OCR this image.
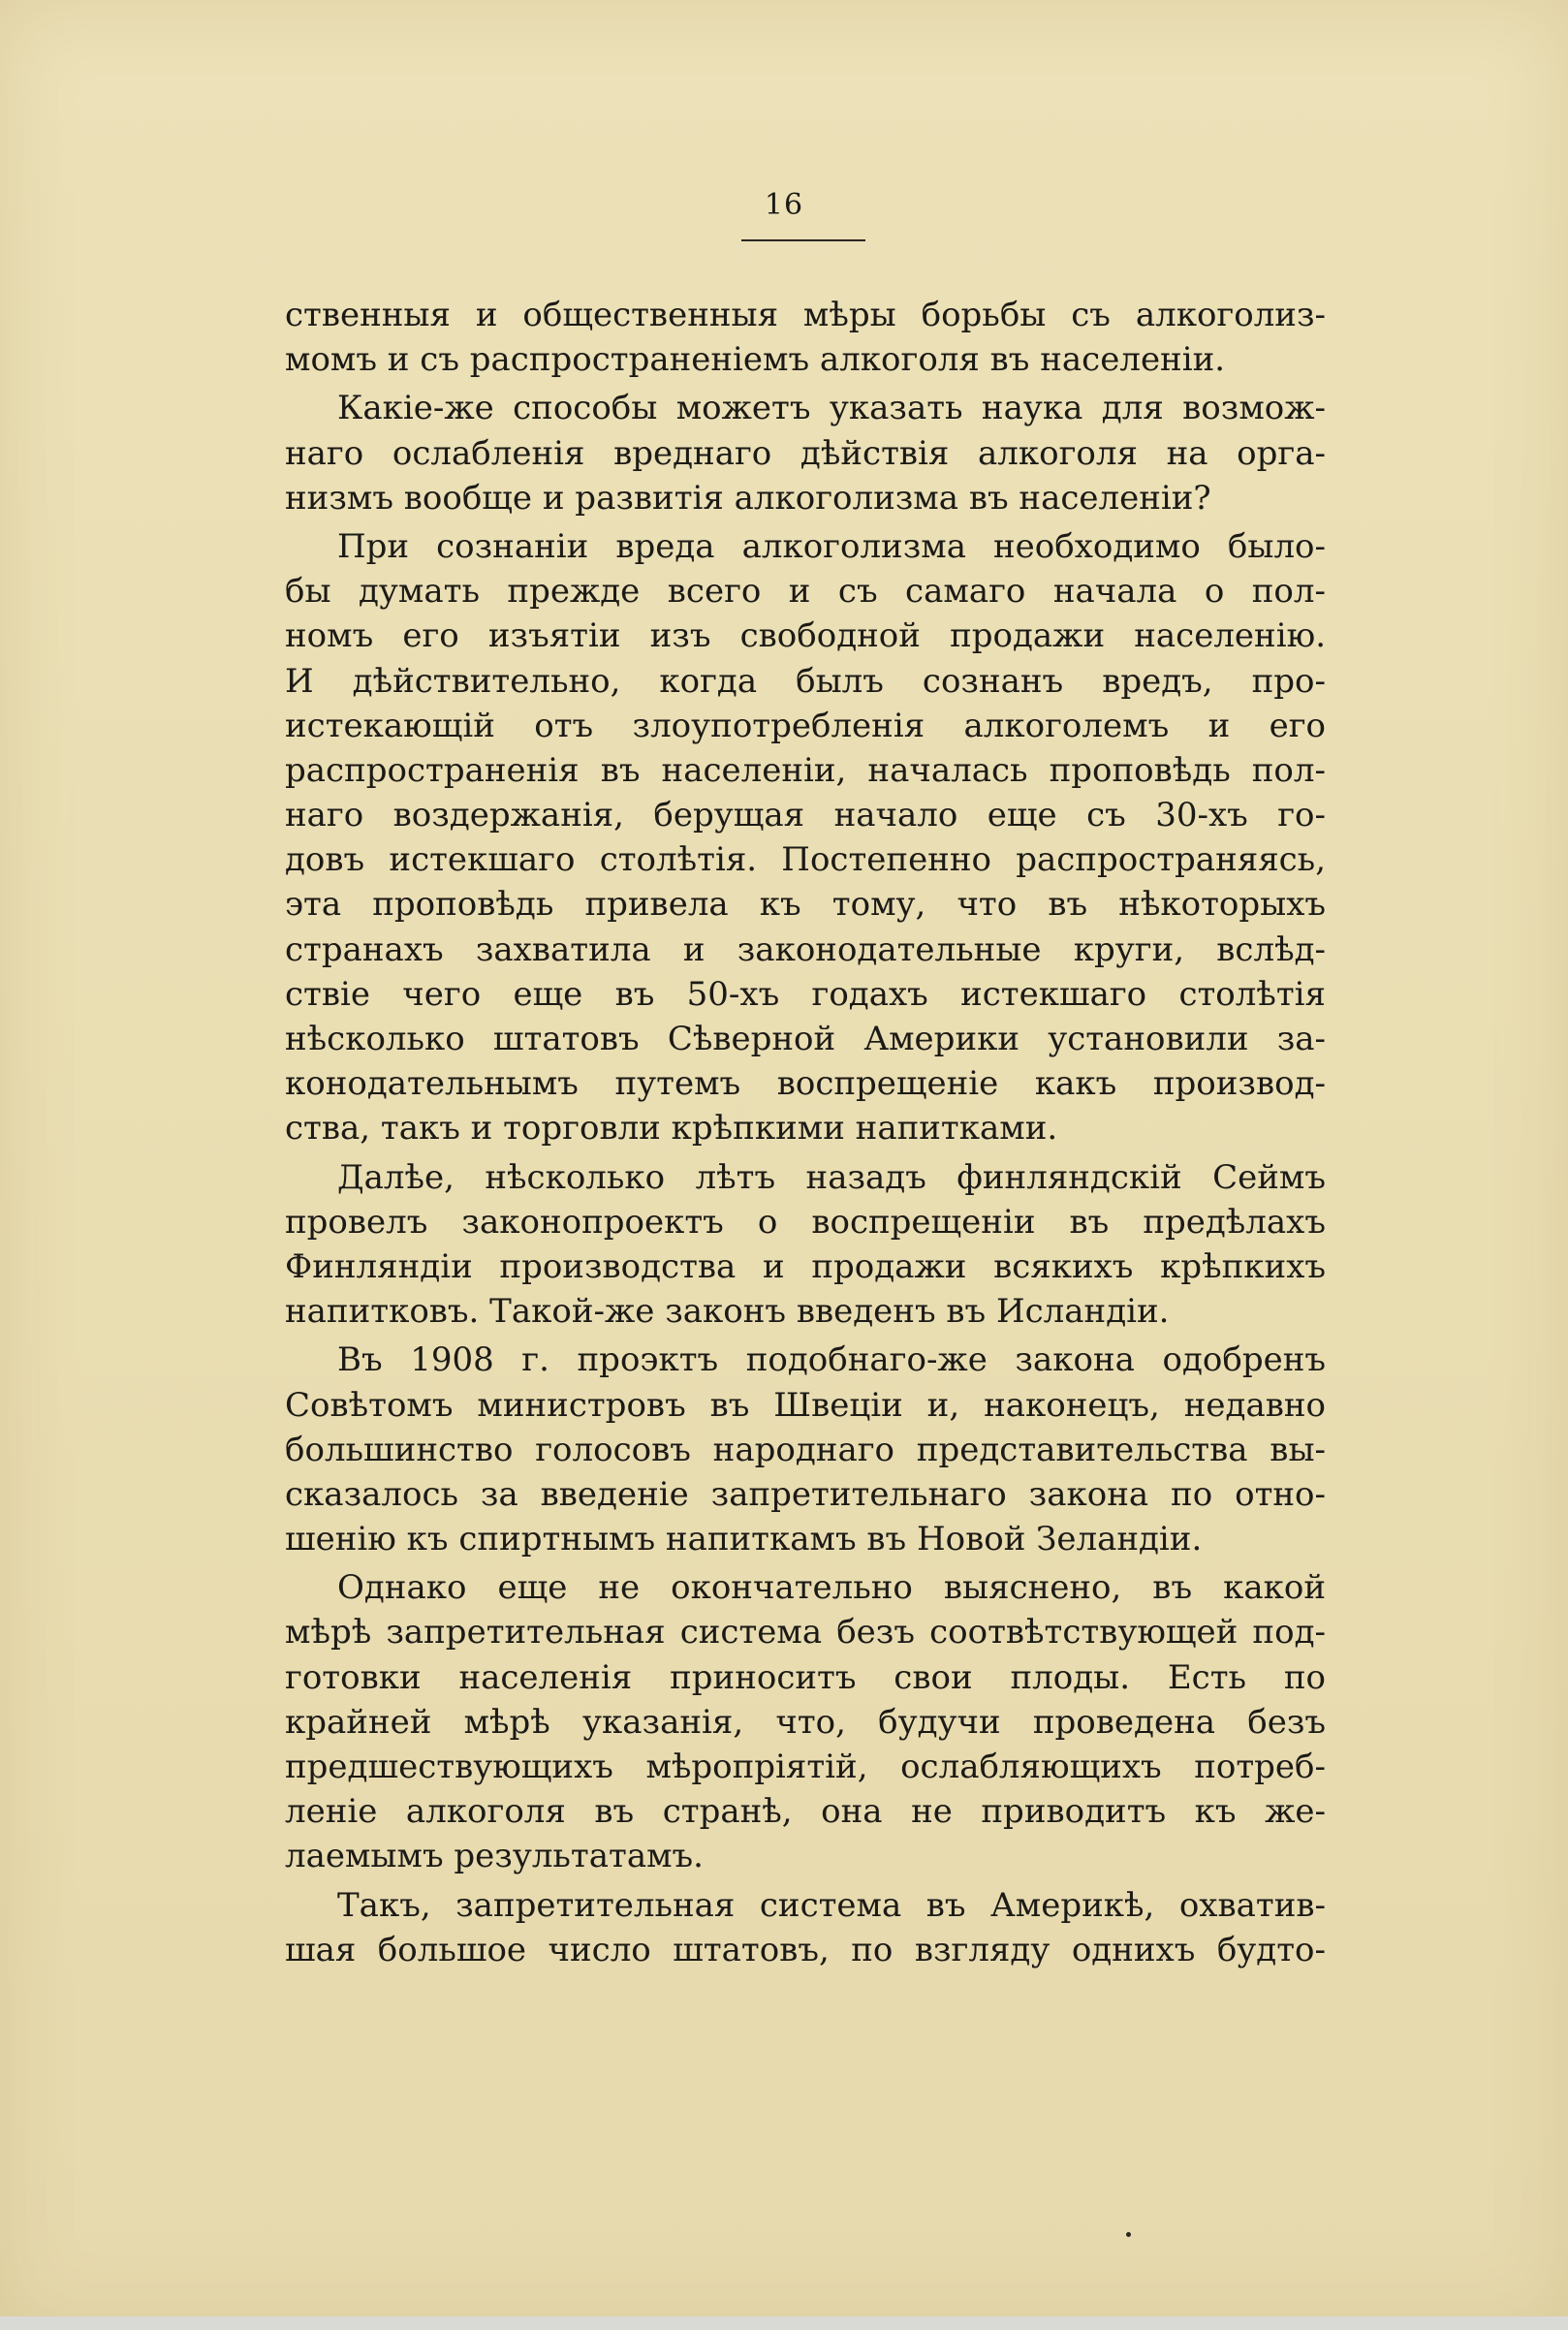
16
ственныя и общественныя мѣры борьбы съ алкоголиз-
момъ и съ распространеніемъ алкоголя въ населеніи.
Какіе-же способы можетъ указать наука для возмож-
наго ослабленія вреднаго дѣйствія алкоголя на орга-
низмъ вообще и развитія алкоголизма въ населеніи?
При сознаніи вреда алкоголизма необходимо было-
бы думать прежде всего и съ самаго начала о пол-
номъ его изъятіи изъ свободной продажи населенію.
И дѣйствительно, когда былъ сознанъ вредъ, про-
истекающій отъ злоупотребленія алкоголемъ и его
распространенія въ населеніи, началась проповѣдь пол-
наго воздержанія, берущая начало еще съ 30-хъ го-
довъ истекшаго столѣтія. Постепенно распространяясь,
эта проповѣдь привела къ тому, что въ нѣкоторыхъ
странахъ захватила и законодательные круги, вслѣд-
ствіе чего еще въ 50-хъ годахъ истекшаго столѣтія
нѣсколько штатовъ Сѣверной Америки установили за-
конодательнымъ путемъ воспрещеніе какъ производ-
ства, такъ и торговли крѣпкими напитками.
Далѣе, нѣсколько лѣтъ назадъ финляндскій Сеймъ
провелъ законопроектъ о воспрещеніи въ предѣлахъ
Финляндіи производства и продажи всякихъ крѣпкихъ
напитковъ. Такой-же законъ введенъ въ Исландіи.
Въ 1908 г. проэктъ подобнаго-же закона одобренъ
Совѣтомъ министровъ въ Швеціи и, наконецъ, недавно
большинство голосовъ народнаго представительства вы-
сказалось за введеніе запретительнаго закона по отно-
шенію къ спиртнымъ напиткамъ въ Новой Зеландіи.
Однако еще не окончательно выяснено, въ какой
мѣрѣ запретительная система безъ соотвѣтствующей под-
готовки населенія приноситъ свои плоды. Есть по
крайней мѣрѣ указанія, что, будучи проведена безъ
предшествующихъ мѣропріятій, ослабляющихъ потреб-
леніе алкоголя въ странѣ, она не приводитъ къ же-
лаемымъ результатамъ.
Такъ, запретительная система въ Америкѣ, охватив-
шая большое число штатовъ, по взгляду однихъ будто-
